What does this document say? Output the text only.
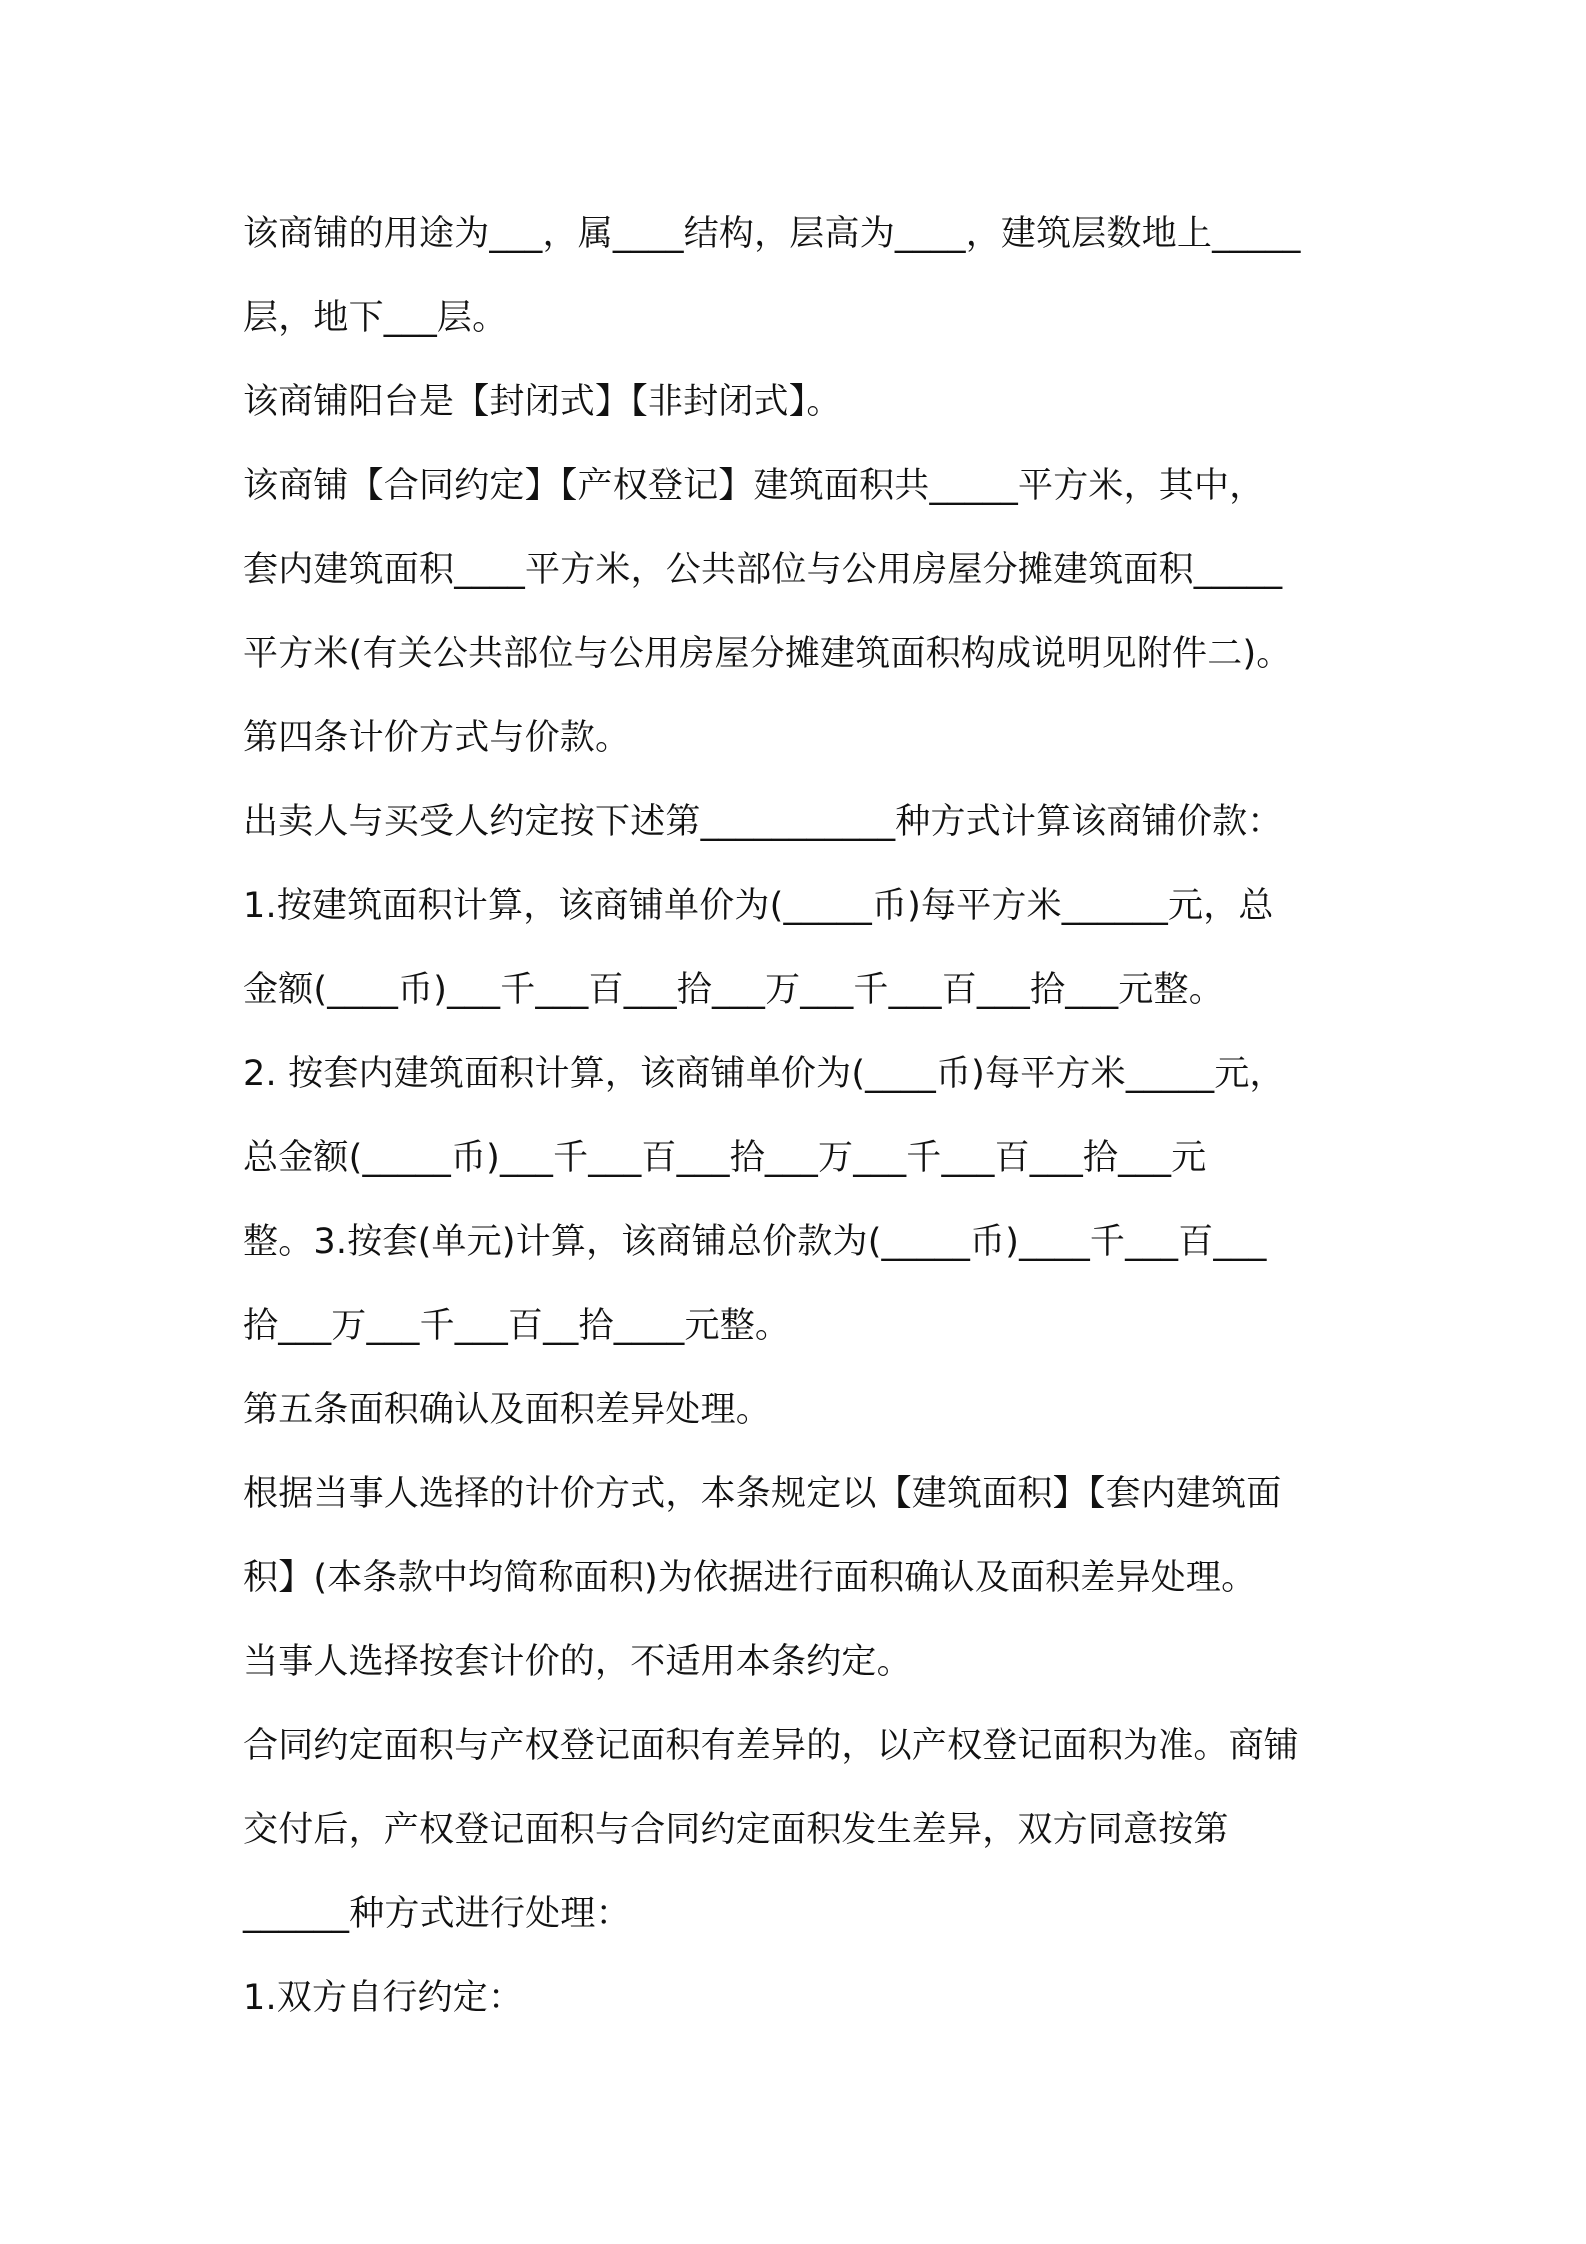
该商铺的用途为___，属____结构，层高为____，建筑层数地上_____
层，地下___层。
该商铺阳台是【封闭式】【非封闭式】。
该商铺【合同约定】【产权登记】建筑面积共_____平方米，其中，
套内建筑面积____平方米，公共部位与公用房屋分摊建筑面积_____
平方米(有关公共部位与公用房屋分摊建筑面积构成说明见附件二)。
第四条计价方式与价款。
出卖人与买受人约定按下述第___________种方式计算该商铺价款：
1.按建筑面积计算，该商铺单价为(_____币)每平方米______元，总
金额(____币)___千___百___拾___万___千___百___拾___元整。
2. 按套内建筑面积计算，该商铺单价为(____币)每平方米_____元，
总金额(_____币)___千___百___拾___万___千___百___拾___元
整。3.按套(单元)计算，该商铺总价款为(_____币)____千___百___
拾___万___千___百__拾____元整。
第五条面积确认及面积差异处理。
根据当事人选择的计价方式，本条规定以【建筑面积】【套内建筑面
积】(本条款中均简称面积)为依据进行面积确认及面积差异处理。
当事人选择按套计价的，不适用本条约定。
合同约定面积与产权登记面积有差异的，以产权登记面积为准。商铺
交付后，产权登记面积与合同约定面积发生差异，双方同意按第
______种方式进行处理：
1.双方自行约定：
